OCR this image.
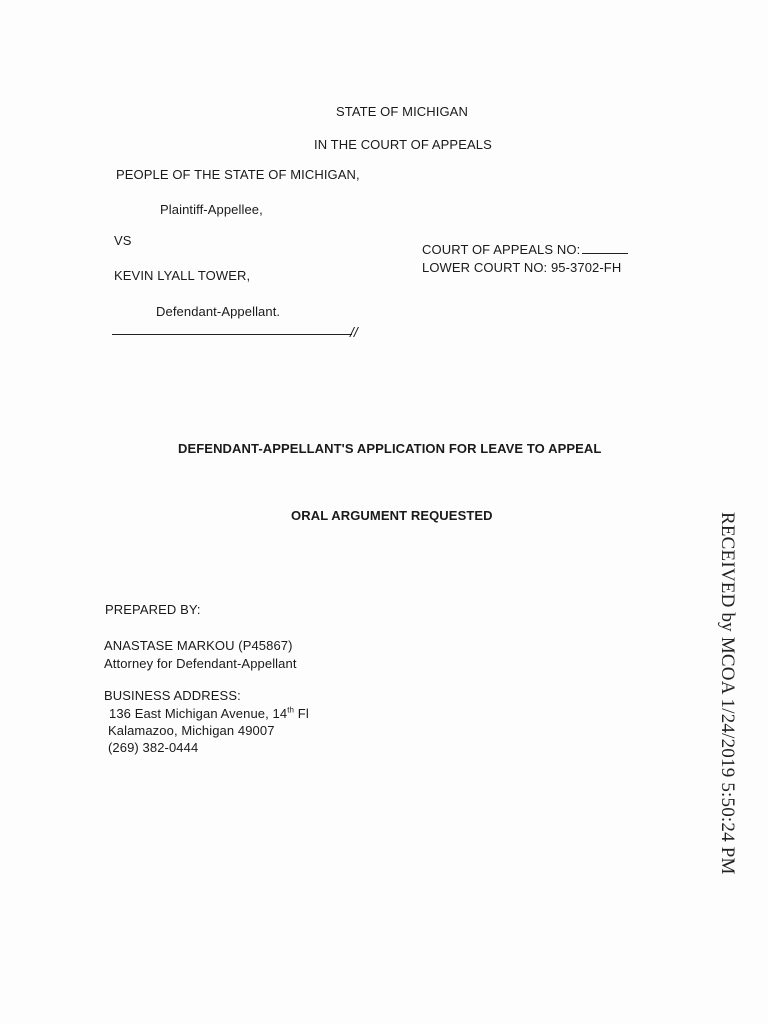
STATE OF MICHIGAN
IN THE COURT OF APPEALS
PEOPLE OF THE STATE OF MICHIGAN,
Plaintiff-Appellee,
VS
KEVIN LYALL TOWER,
Defendant-Appellant.
//
COURT OF APPEALS NO:
LOWER COURT NO: 95-3702-FH
DEFENDANT-APPELLANT'S APPLICATION FOR LEAVE TO APPEAL
ORAL ARGUMENT REQUESTED
PREPARED BY:
ANASTASE MARKOU (P45867)
Attorney for Defendant-Appellant
BUSINESS ADDRESS:
136 East Michigan Avenue, 14th Fl
Kalamazoo, Michigan 49007
(269) 382-0444	RECEIVED by MCOA 1/24/2019 5:50:24 PM
